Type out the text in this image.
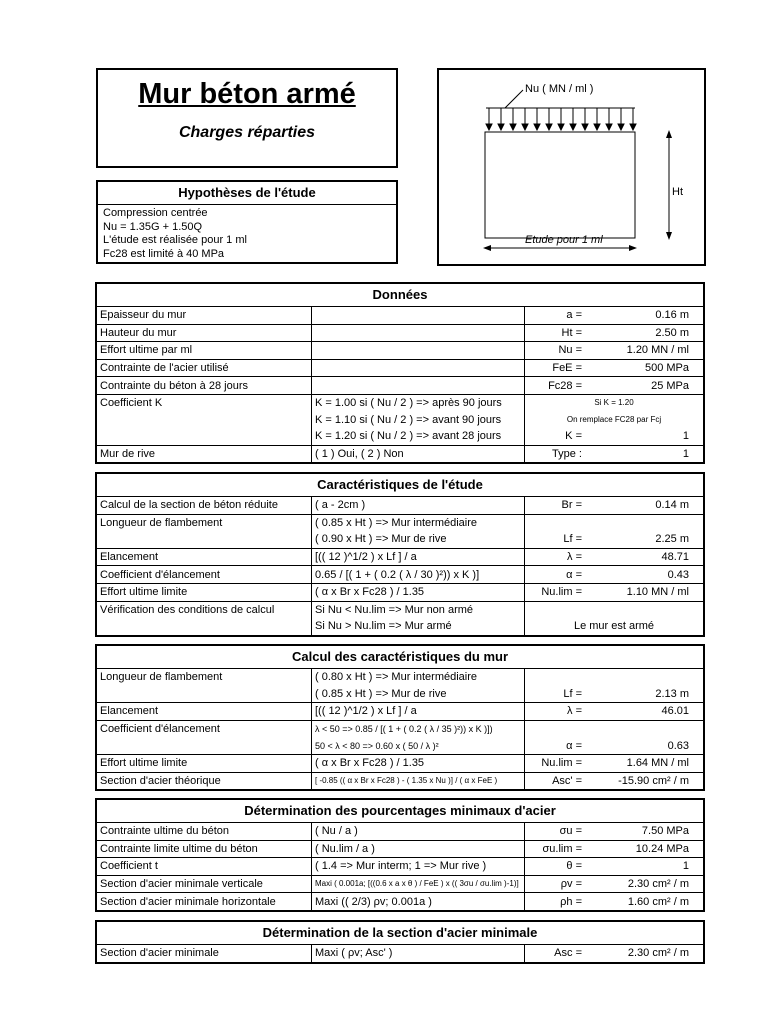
Mur béton armé
Charges réparties
Hypothèses de l'étude
Compression centrée
Nu = 1.35G + 1.50Q
L'étude est réalisée pour 1 ml
Fc28 est limité à 40 MPa
Nu ( MN / ml )
Ht
Etude pour 1 ml
Données
Epaisseur du mur		a =	0.16 m
Hauteur du mur		Ht =	2.50 m
Effort ultime par ml		Nu =	1.20 MN / ml
Contrainte de l'acier utilisé		FeE =	500 MPa
Contrainte du béton à 28 jours		Fc28 =	25 MPa
Coefficient K	K = 1.00 si ( Nu / 2 ) => après 90 jours	Si K = 1.20	
	K = 1.10 si ( Nu / 2 ) => avant 90 jours	On remplace FC28 par Fcj	
	K = 1.20 si ( Nu / 2 ) => avant 28 jours	K =	1
Mur de rive	( 1 ) Oui, ( 2 ) Non	Type :	1
Caractéristiques de l'étude
Calcul de la section de béton réduite	( a - 2cm )	Br =	0.14 m
Longueur de flambement	( 0.85 x Ht ) => Mur intermédiaire		
	( 0.90 x Ht ) => Mur de rive	Lf =	2.25 m
Elancement	[(( 12 )^1/2 ) x Lf ] / a	λ =	48.71
Coefficient d'élancement	0.65 / [( 1 + ( 0.2 ( λ / 30 )²)) x K )]	α =	0.43
Effort ultime limite	( α x Br x Fc28 ) / 1.35	Nu.lim =	1.10 MN / ml
Vérification des conditions de calcul	Si Nu < Nu.lim => Mur non armé		
	Si Nu > Nu.lim => Mur armé	Le mur est armé	
Calcul des caractéristiques du mur
Longueur de flambement	( 0.80 x Ht ) => Mur intermédiaire		
	( 0.85 x Ht ) => Mur de rive	Lf =	2.13 m
Elancement	[(( 12 )^1/2 ) x Lf ] / a	λ =	46.01
Coefficient d'élancement	λ < 50 => 0.85 / [( 1 + ( 0.2 ( λ / 35 )²)) x K )])		
	50 < λ < 80 => 0.60 x ( 50 / λ )²	α =	0.63
Effort ultime limite	( α x Br x Fc28 ) / 1.35	Nu.lim =	1.64 MN / ml
Section d'acier théorique	[ -0.85 (( α x Br x Fc28 ) - ( 1.35 x Nu )] / ( α x FeE )	Asc' =	-15.90 cm² / m
Détermination des pourcentages minimaux d'acier
Contrainte ultime du béton	( Nu / a )	σu =	7.50 MPa
Contrainte limite ultime du béton	( Nu.lim / a )	σu.lim =	10.24 MPa
Coefficient t	( 1.4 => Mur interm; 1 => Mur rive )	θ =	1
Section d'acier minimale verticale	Maxi ( 0.001a; [((0.6 x a x θ ) / FeE ) x (( 3σu / σu.lim )-1)]	ρv =	2.30 cm² / m
Section d'acier minimale horizontale	Maxi (( 2/3) ρv; 0.001a )	ρh =	1.60 cm² / m
Détermination de la section d'acier minimale
Section d'acier minimale	Maxi ( ρv; Asc' )	Asc =	2.30 cm² / m
